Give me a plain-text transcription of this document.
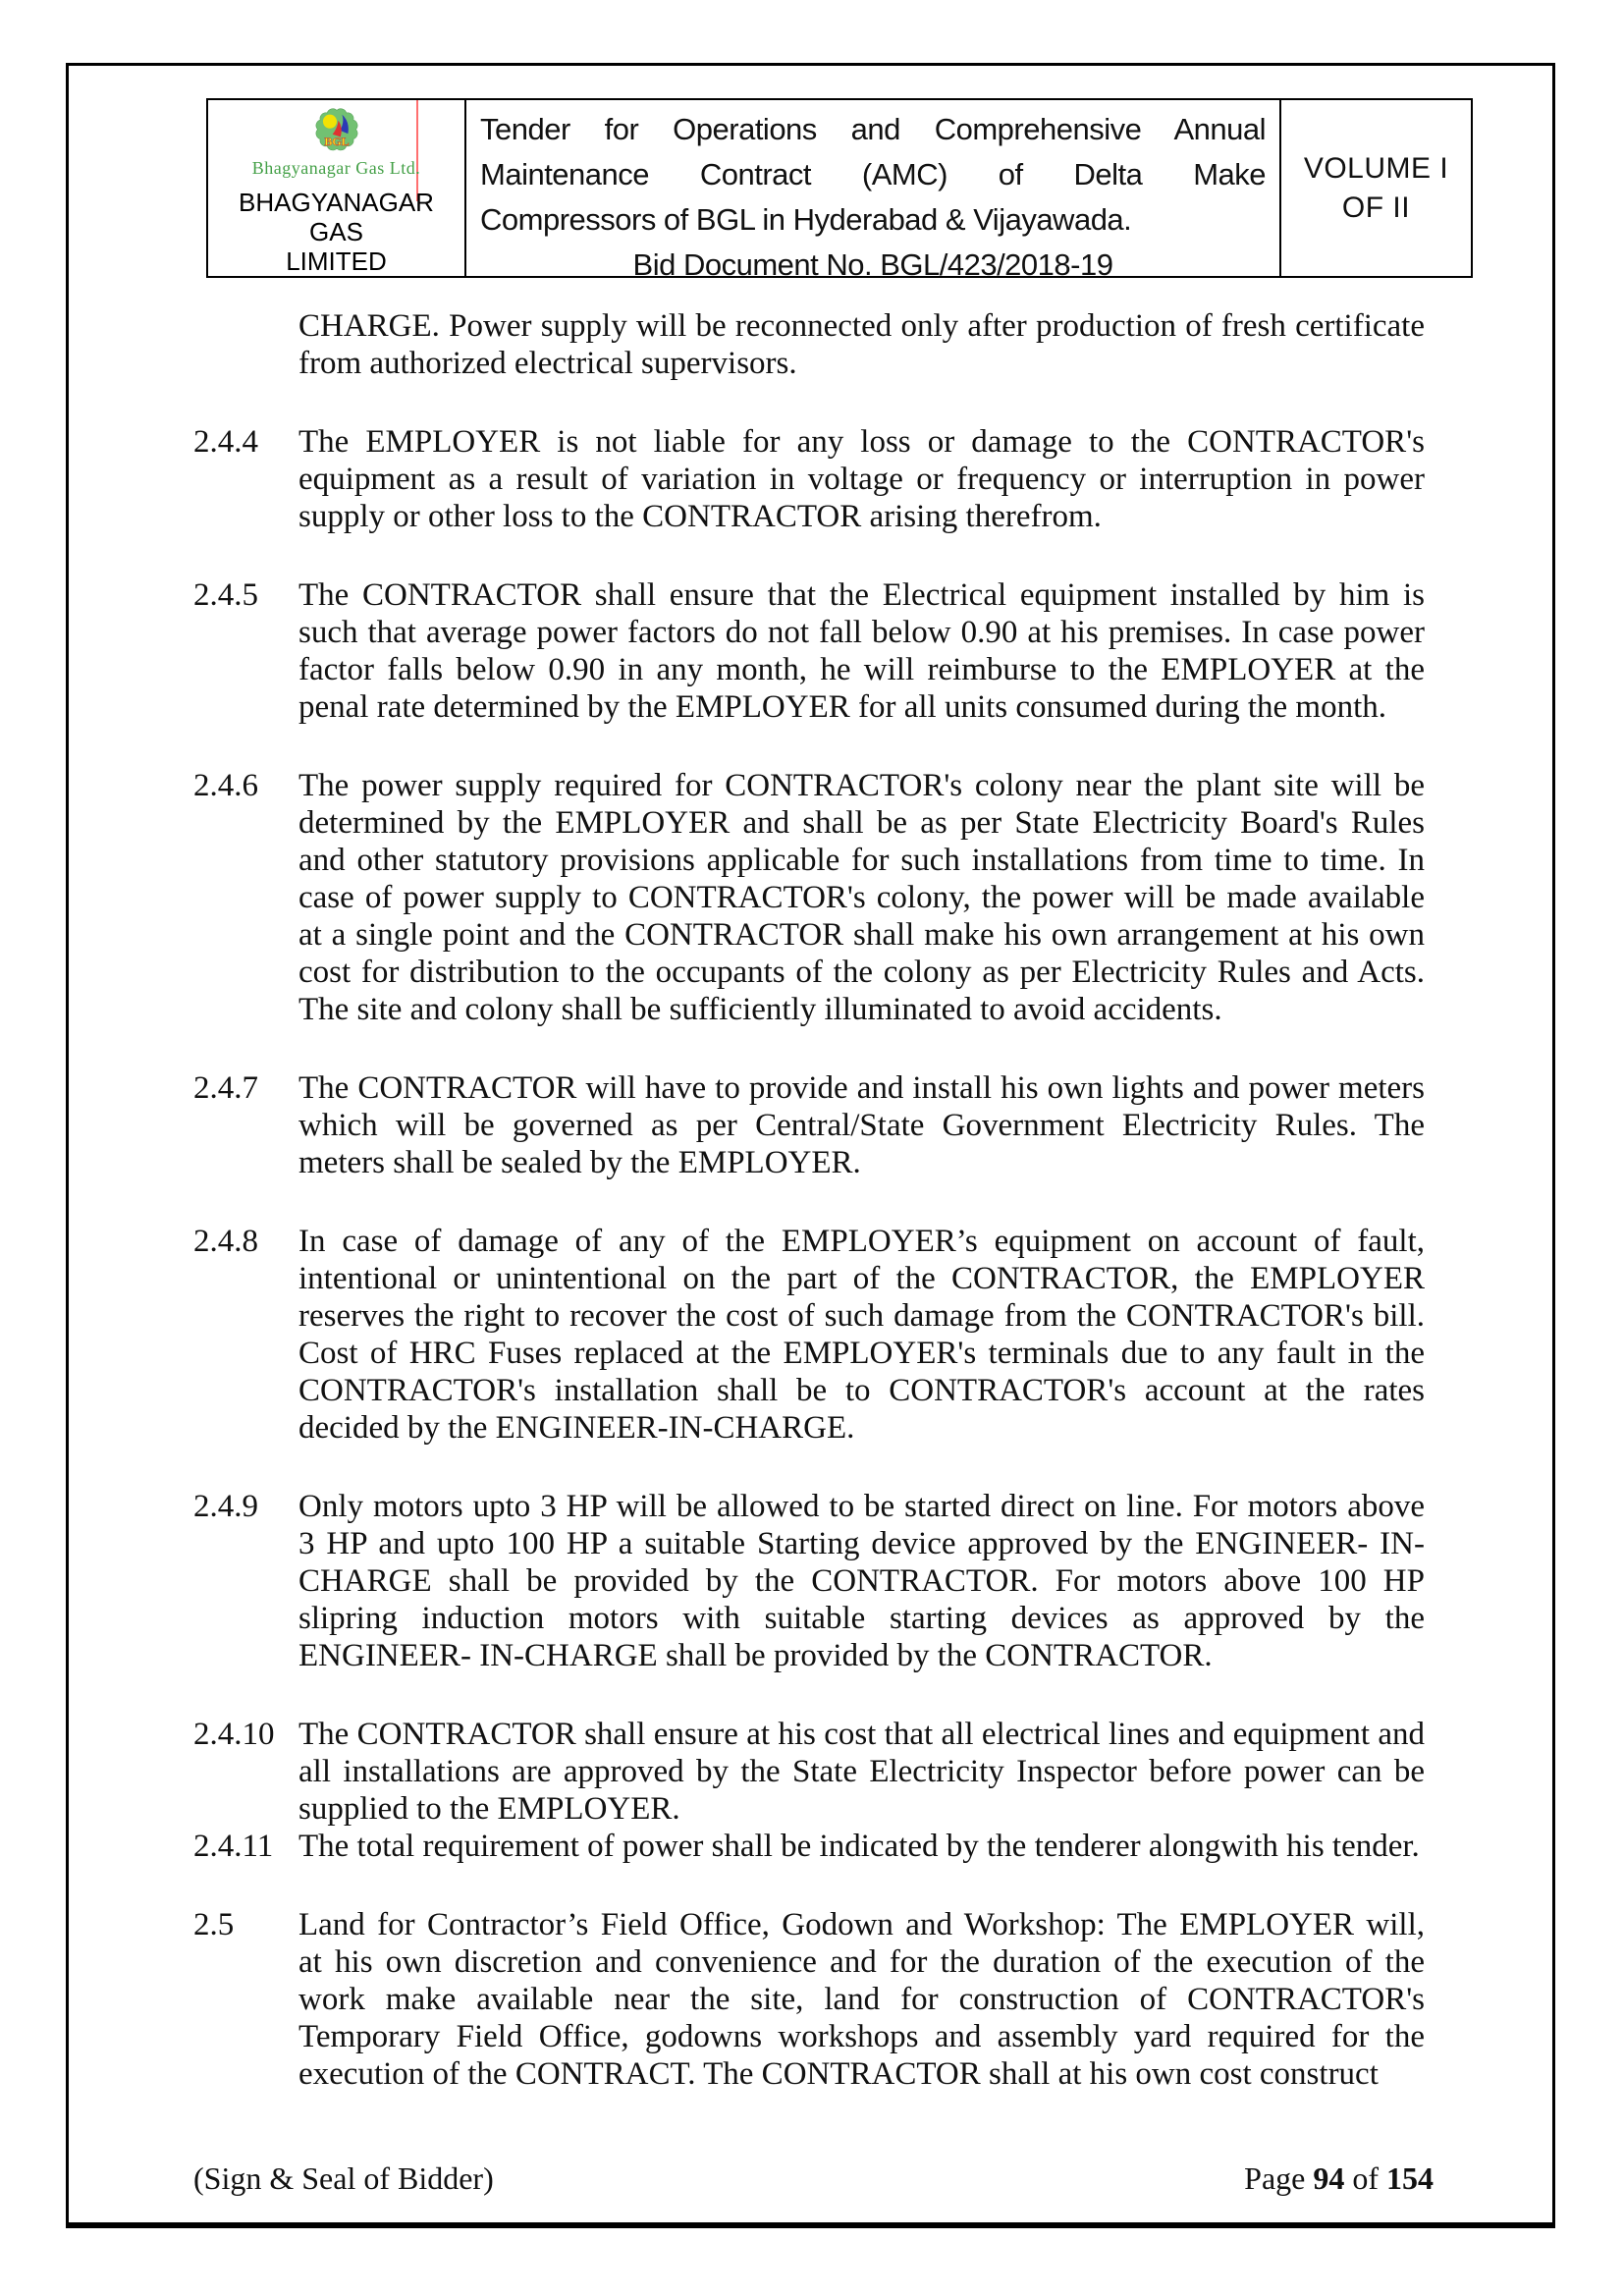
BGL
Bhagyanagar Gas Ltd.
BHAGYANAGAR GAS
LIMITED
Tender for Operations and Comprehensive Annual
Maintenance Contract (AMC) of Delta Make
Compressors of BGL in Hyderabad & Vijayawada.
Bid Document No. BGL/423/2018-19
VOLUME I
OF II
CHARGE. Power supply will be reconnected only after production of fresh certificate
from authorized electrical supervisors.
2.4.4 The EMPLOYER is not liable for any loss or damage to the CONTRACTOR's
equipment as a result of variation in voltage or frequency or interruption in power
supply or other loss to the CONTRACTOR arising therefrom.
2.4.5 The CONTRACTOR shall ensure that the Electrical equipment installed by him is
such that average power factors do not fall below 0.90 at his premises. In case power
factor falls below 0.90 in any month, he will reimburse to the EMPLOYER at the
penal rate determined by the EMPLOYER for all units consumed during the month.
2.4.6 The power supply required for CONTRACTOR's colony near the plant site will be
determined by the EMPLOYER and shall be as per State Electricity Board's Rules
and other statutory provisions applicable for such installations from time to time. In
case of power supply to CONTRACTOR's colony, the power will be made available
at a single point and the CONTRACTOR shall make his own arrangement at his own
cost for distribution to the occupants of the colony as per Electricity Rules and Acts.
The site and colony shall be sufficiently illuminated to avoid accidents.
2.4.7 The CONTRACTOR will have to provide and install his own lights and power meters
which will be governed as per Central/State Government Electricity Rules. The
meters shall be sealed by the EMPLOYER.
2.4.8 In case of damage of any of the EMPLOYER’s equipment on account of fault,
intentional or unintentional on the part of the CONTRACTOR, the EMPLOYER
reserves the right to recover the cost of such damage from the CONTRACTOR's bill.
Cost of HRC Fuses replaced at the EMPLOYER's terminals due to any fault in the
CONTRACTOR's installation shall be to CONTRACTOR's account at the rates
decided by the ENGINEER-IN-CHARGE.
2.4.9 Only motors upto 3 HP will be allowed to be started direct on line. For motors above
3 HP and upto 100 HP a suitable Starting device approved by the ENGINEER- IN-
CHARGE shall be provided by the CONTRACTOR. For motors above 100 HP
slipring induction motors with suitable starting devices as approved by the
ENGINEER- IN-CHARGE shall be provided by the CONTRACTOR.
2.4.10 The CONTRACTOR shall ensure at his cost that all electrical lines and equipment and
all installations are approved by the State Electricity Inspector before power can be
supplied to the EMPLOYER.
2.4.11 The total requirement of power shall be indicated by the tenderer alongwith his tender.
2.5 Land for Contractor’s Field Office, Godown and Workshop: The EMPLOYER will,
at his own discretion and convenience and for the duration of the execution of the
work make available near the site, land for construction of CONTRACTOR's
Temporary Field Office, godowns workshops and assembly yard required for the
execution of the CONTRACT. The CONTRACTOR shall at his own cost construct
(Sign & Seal of Bidder)	Page 94 of 154
